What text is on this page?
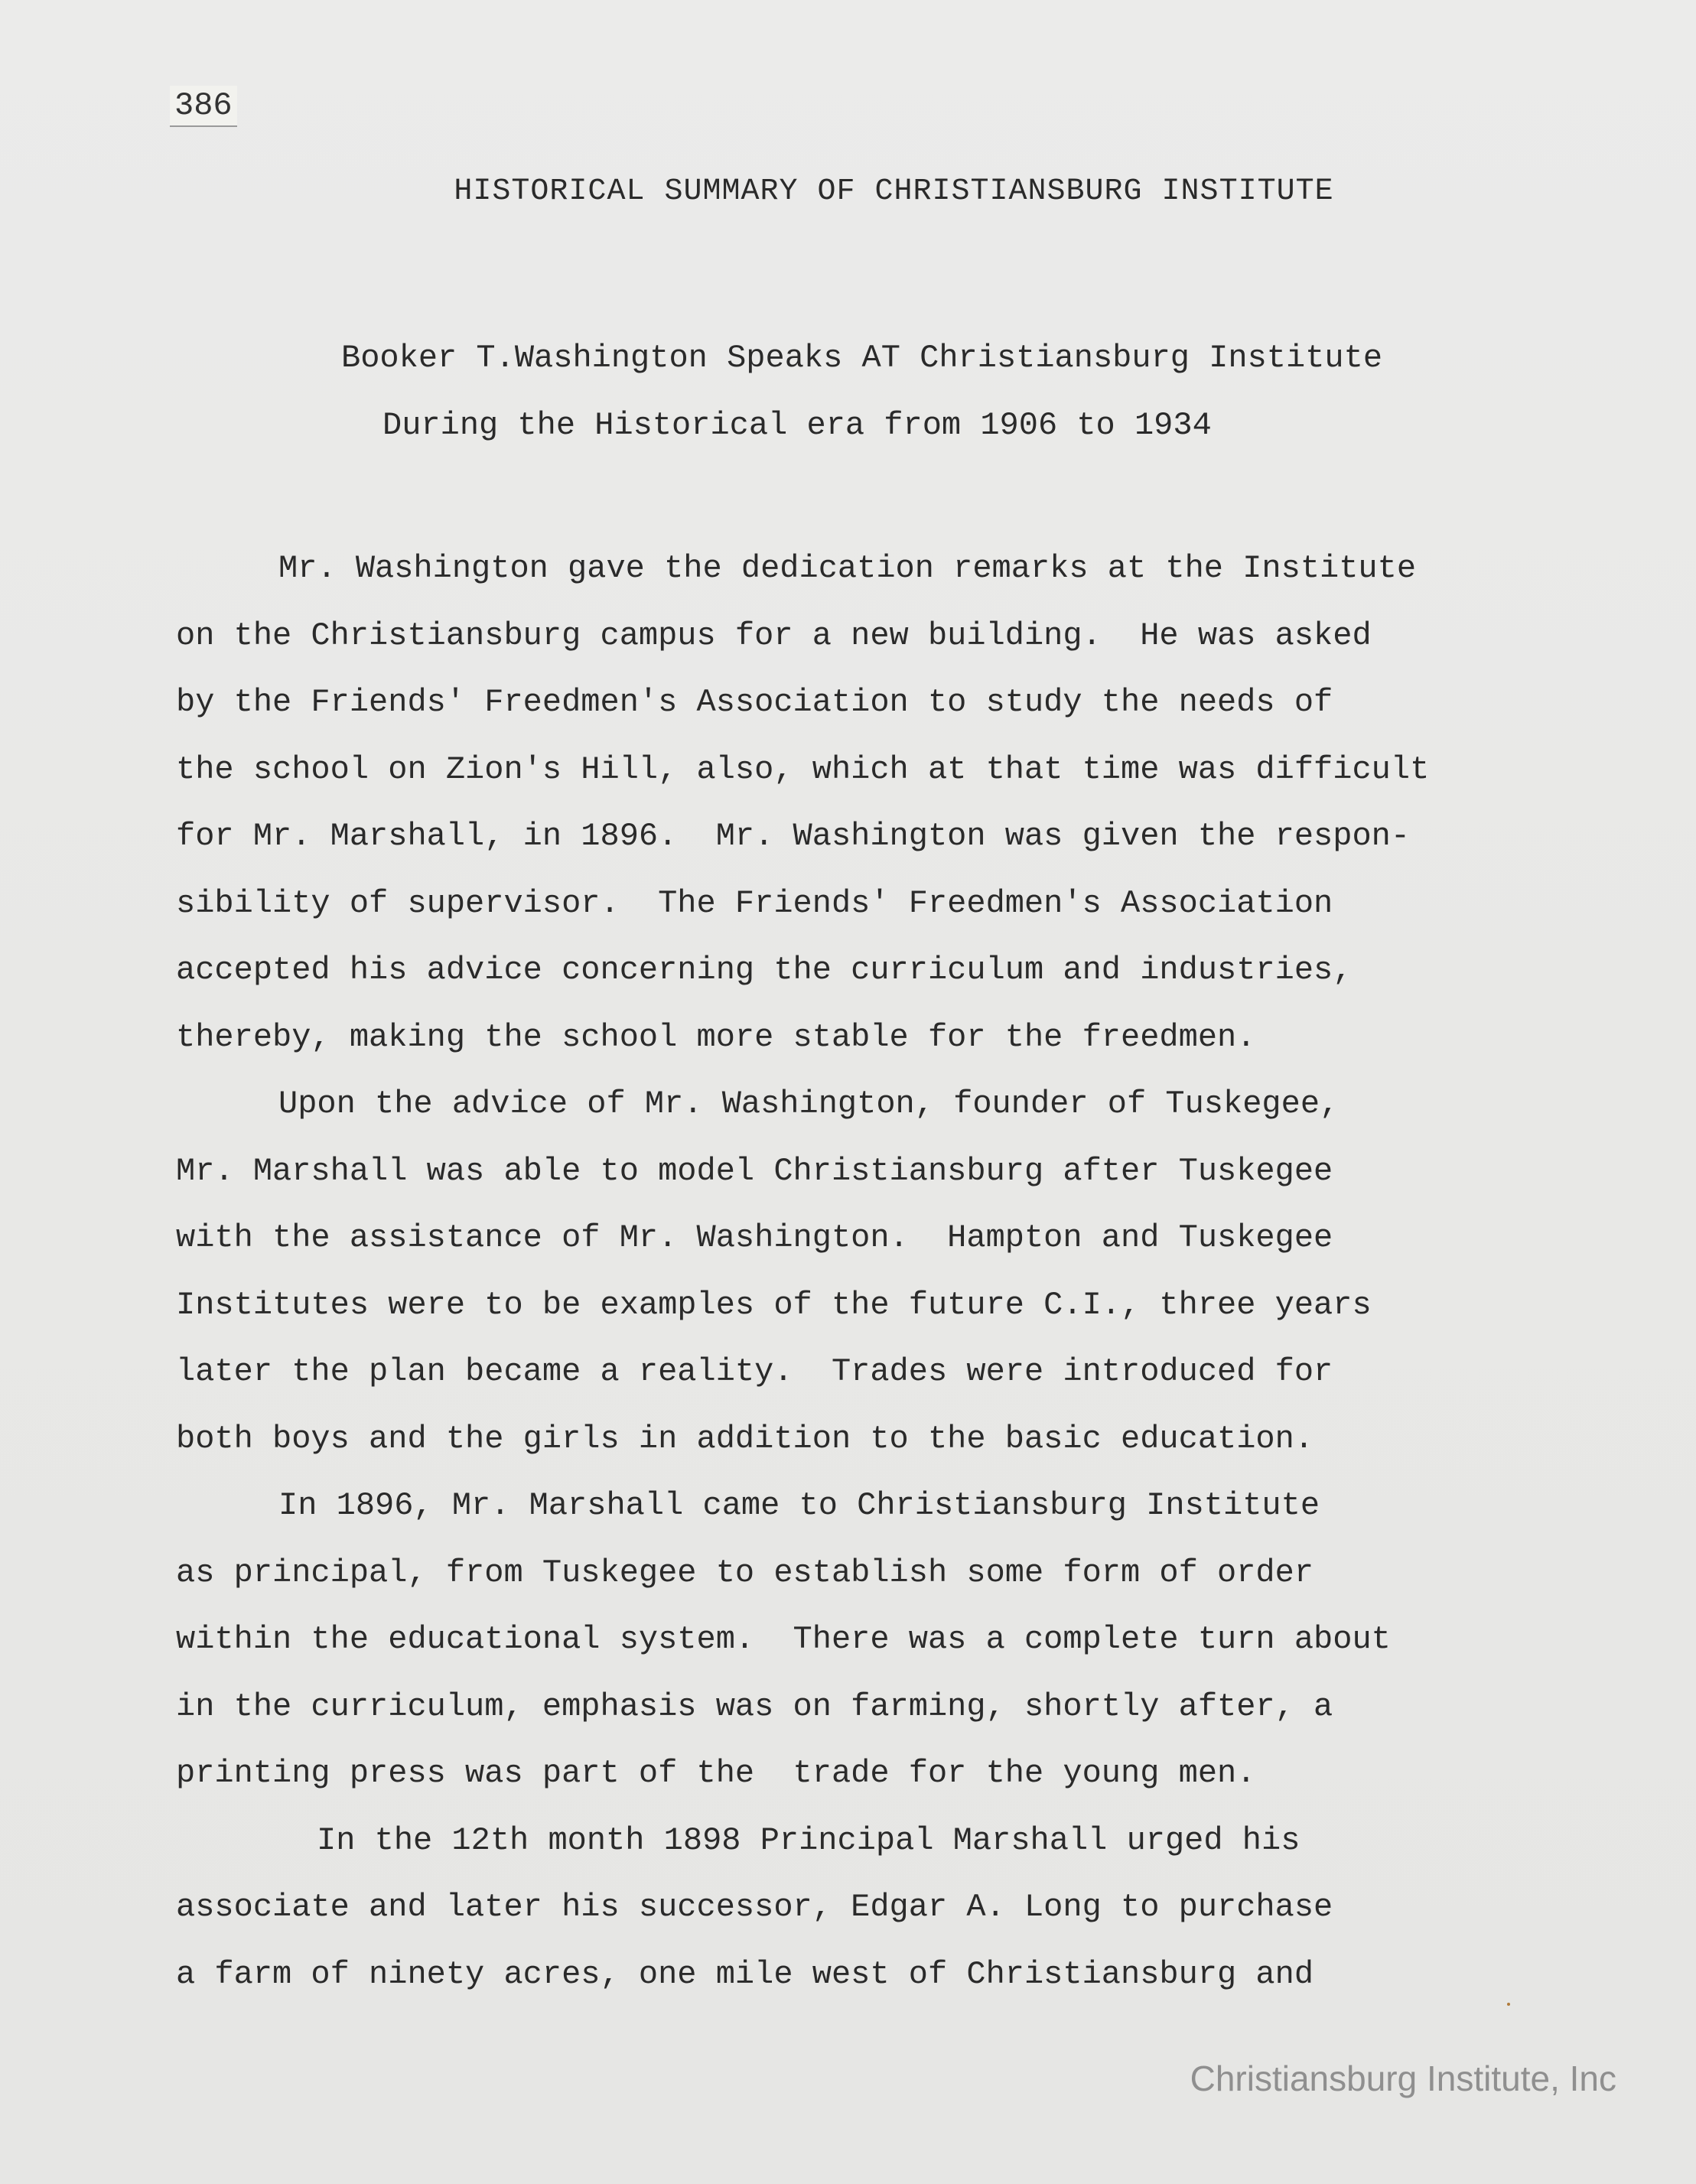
386
HISTORICAL SUMMARY OF CHRISTIANSBURG INSTITUTE
Booker T.Washington Speaks AT Christiansburg Institute
During the Historical era from 1906 to 1934
Mr. Washington gave the dedication remarks at the Institute
on the Christiansburg campus for a new building.  He was asked
by the Friends' Freedmen's Association to study the needs of
the school on Zion's Hill, also, which at that time was difficult
for Mr. Marshall, in 1896.  Mr. Washington was given the respon-
sibility of supervisor.  The Friends' Freedmen's Association
accepted his advice concerning the curriculum and industries,
thereby, making the school more stable for the freedmen.
Upon the advice of Mr. Washington, founder of Tuskegee,
Mr. Marshall was able to model Christiansburg after Tuskegee
with the assistance of Mr. Washington.  Hampton and Tuskegee
Institutes were to be examples of the future C.I., three years
later the plan became a reality.  Trades were introduced for
both boys and the girls in addition to the basic education.
In 1896, Mr. Marshall came to Christiansburg Institute
as principal, from Tuskegee to establish some form of order
within the educational system.  There was a complete turn about
in the curriculum, emphasis was on farming, shortly after, a
printing press was part of the  trade for the young men.
In the 12th month 1898 Principal Marshall urged his
associate and later his successor, Edgar A. Long to purchase
a farm of ninety acres, one mile west of Christiansburg and
Christiansburg Institute, Inc
